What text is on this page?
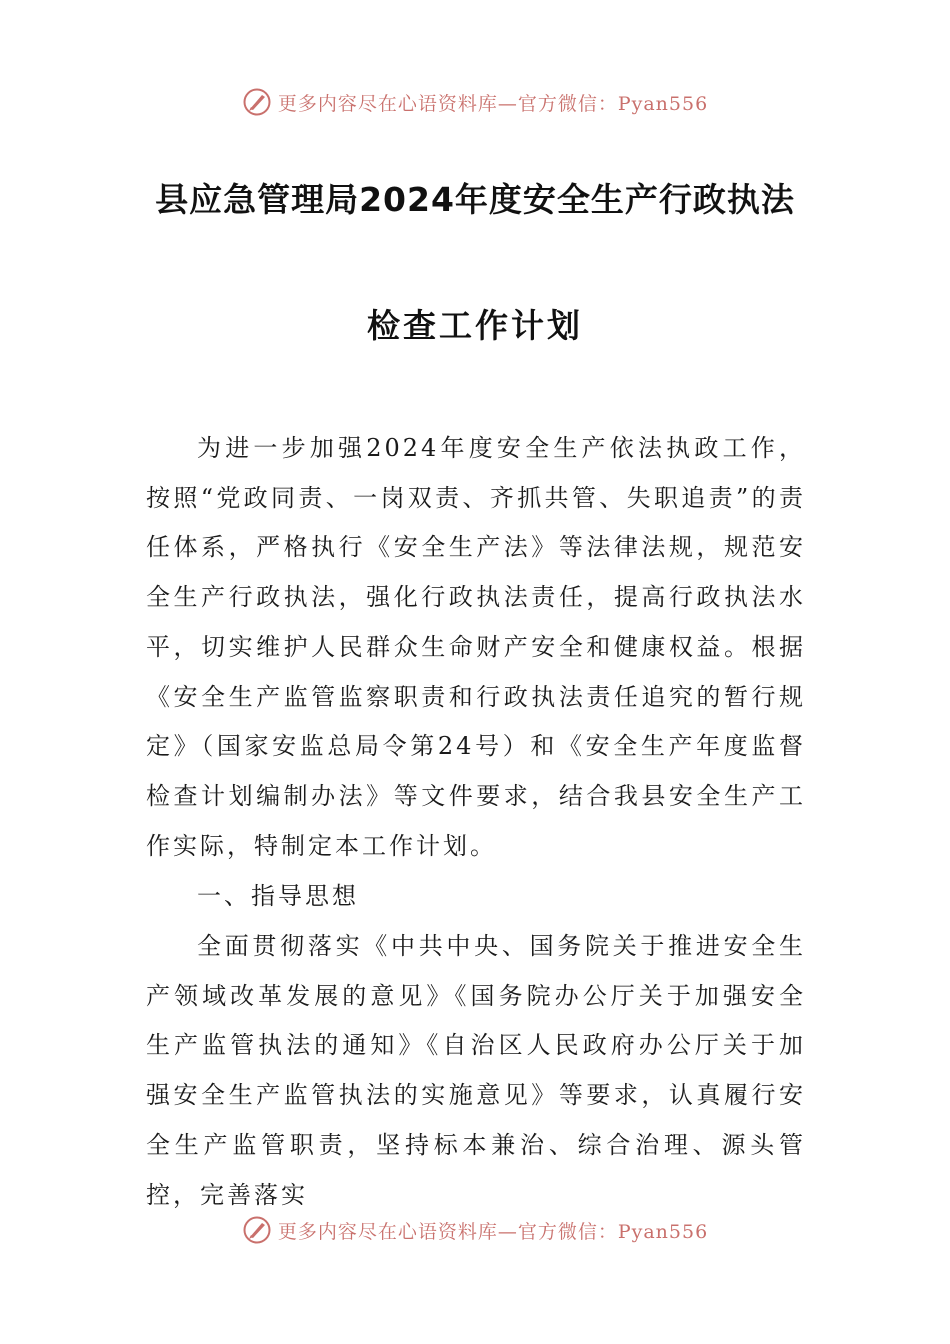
更多内容尽在心语资料库—官方微信：Pyan556
县应急管理局2024年度安全生产行政执法
检查工作计划

为进一步加强2024年度安全生产依法执政工作，按照“党政同责、一岗双责、齐抓共管、失职追责”的责任体系，严格执行《安全生产法》等法律法规，规范安全生产行政执法，强化行政执法责任，提高行政执法水平，切实维护人民群众生命财产安全和健康权益。根据《安全生产监管监察职责和行政执法责任追究的暂行规定》（国家安监总局令第24号）和《安全生产年度监督检查计划编制办法》等文件要求，结合我县安全生产工作实际，特制定本工作计划。

一、指导思想

全面贯彻落实《中共中央、国务院关于推进安全生产领域改革发展的意见》《国务院办公厅关于加强安全生产监管执法的通知》《自治区人民政府办公厅关于加强安全生产监管执法的实施意见》等要求，认真履行安全生产监管职责，坚持标本兼治、综合治理、源头管控，完善落实

更多内容尽在心语资料库—官方微信：Pyan556
